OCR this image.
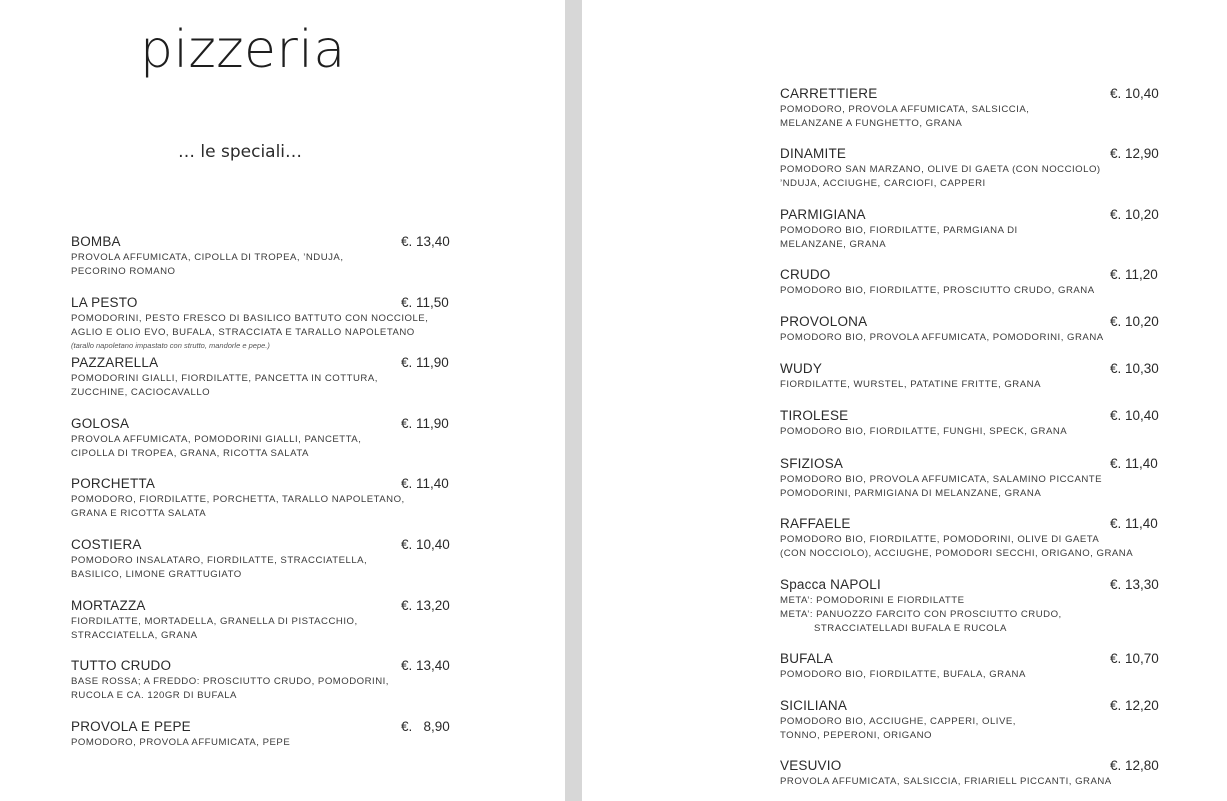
pizzeria
… le speciali…
BOMBA	€. 13,40
PROVOLA AFFUMICATA, CIPOLLA DI TROPEA, ’NDUJA,
PECORINO ROMANO
LA PESTO	€. 11,50
POMODORINI, PESTO FRESCO DI BASILICO BATTUTO CON NOCCIOLE,
AGLIO E OLIO EVO, BUFALA, STRACCIATA E TARALLO NAPOLETANO
(tarallo napoletano impastato con strutto, mandorle e pepe.)
PAZZARELLA	€. 11,90
POMODORINI GIALLI, FIORDILATTE, PANCETTA IN COTTURA,
ZUCCHINE, CACIOCAVALLO
GOLOSA	€. 11,90
PROVOLA AFFUMICATA, POMODORINI GIALLI, PANCETTA,
CIPOLLA DI TROPEA, GRANA, RICOTTA SALATA
PORCHETTA	€. 11,40
POMODORO, FIORDILATTE, PORCHETTA, TARALLO NAPOLETANO,
GRANA E RICOTTA SALATA
COSTIERA	€. 10,40
POMODORO INSALATARO, FIORDILATTE, STRACCIATELLA,
BASILICO, LIMONE GRATTUGIATO
MORTAZZA	€. 13,20
FIORDILATTE, MORTADELLA, GRANELLA DI PISTACCHIO,
STRACCIATELLA, GRANA
TUTTO CRUDO	€. 13,40
BASE ROSSA; A FREDDO: PROSCIUTTO CRUDO, POMODORINI,
RUCOLA E CA. 120GR DI BUFALA
PROVOLA E PEPE	€.   8,90
POMODORO, PROVOLA AFFUMICATA, PEPE
CARRETTIERE	€. 10,40
POMODORO, PROVOLA AFFUMICATA, SALSICCIA,
MELANZANE A FUNGHETTO, GRANA
DINAMITE	€. 12,90
POMODORO SAN MARZANO, OLIVE DI GAETA (CON NOCCIOLO)
’NDUJA, ACCIUGHE, CARCIOFI, CAPPERI
PARMIGIANA	€. 10,20
POMODORO BIO, FIORDILATTE, PARMGIANA DI
MELANZANE, GRANA
CRUDO	€. 11,20
POMODORO BIO, FIORDILATTE, PROSCIUTTO CRUDO, GRANA
PROVOLONA	€. 10,20
POMODORO BIO, PROVOLA AFFUMICATA, POMODORINI, GRANA
WUDY	€. 10,30
FIORDILATTE, WURSTEL, PATATINE FRITTE, GRANA
TIROLESE	€. 10,40
POMODORO BIO, FIORDILATTE, FUNGHI, SPECK, GRANA
SFIZIOSA	€. 11,40
POMODORO BIO, PROVOLA AFFUMICATA, SALAMINO PICCANTE
POMODORINI, PARMIGIANA DI MELANZANE, GRANA
RAFFAELE	€. 11,40
POMODORO BIO, FIORDILATTE, POMODORINI, OLIVE DI GAETA
(CON NOCCIOLO), ACCIUGHE, POMODORI SECCHI, ORIGANO, GRANA
Spacca NAPOLI	€. 13,30
META’: POMODORINI E FIORDILATTE
META’: PANUOZZO FARCITO CON PROSCIUTTO CRUDO,
STRACCIATELLADI BUFALA E RUCOLA
BUFALA	€. 10,70
POMODORO BIO, FIORDILATTE, BUFALA, GRANA
SICILIANA	€. 12,20
POMODORO BIO, ACCIUGHE, CAPPERI, OLIVE,
TONNO, PEPERONI, ORIGANO
VESUVIO	€. 12,80
PROVOLA AFFUMICATA, SALSICCIA, FRIARIELL PICCANTI, GRANA
